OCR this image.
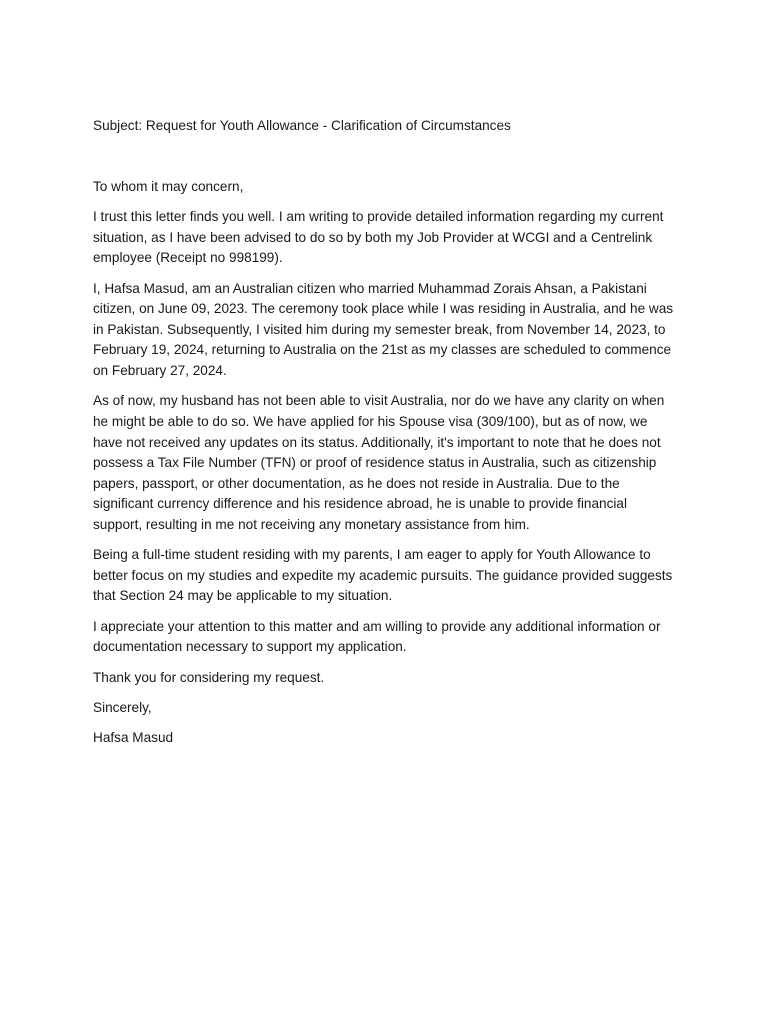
Subject: Request for Youth Allowance - Clarification of Circumstances

To whom it may concern,

I trust this letter finds you well. I am writing to provide detailed information regarding my current situation, as I have been advised to do so by both my Job Provider at WCGI and a Centrelink employee (Receipt no 998199).

I, Hafsa Masud, am an Australian citizen who married Muhammad Zorais Ahsan, a Pakistani citizen, on June 09, 2023. The ceremony took place while I was residing in Australia, and he was in Pakistan. Subsequently, I visited him during my semester break, from November 14, 2023, to February 19, 2024, returning to Australia on the 21st as my classes are scheduled to commence on February 27, 2024.

As of now, my husband has not been able to visit Australia, nor do we have any clarity on when he might be able to do so. We have applied for his Spouse visa (309/100), but as of now, we have not received any updates on its status. Additionally, it's important to note that he does not possess a Tax File Number (TFN) or proof of residence status in Australia, such as citizenship papers, passport, or other documentation, as he does not reside in Australia. Due to the significant currency difference and his residence abroad, he is unable to provide financial support, resulting in me not receiving any monetary assistance from him.

Being a full-time student residing with my parents, I am eager to apply for Youth Allowance to better focus on my studies and expedite my academic pursuits. The guidance provided suggests that Section 24 may be applicable to my situation.

I appreciate your attention to this matter and am willing to provide any additional information or documentation necessary to support my application.

Thank you for considering my request.

Sincerely,

Hafsa Masud
